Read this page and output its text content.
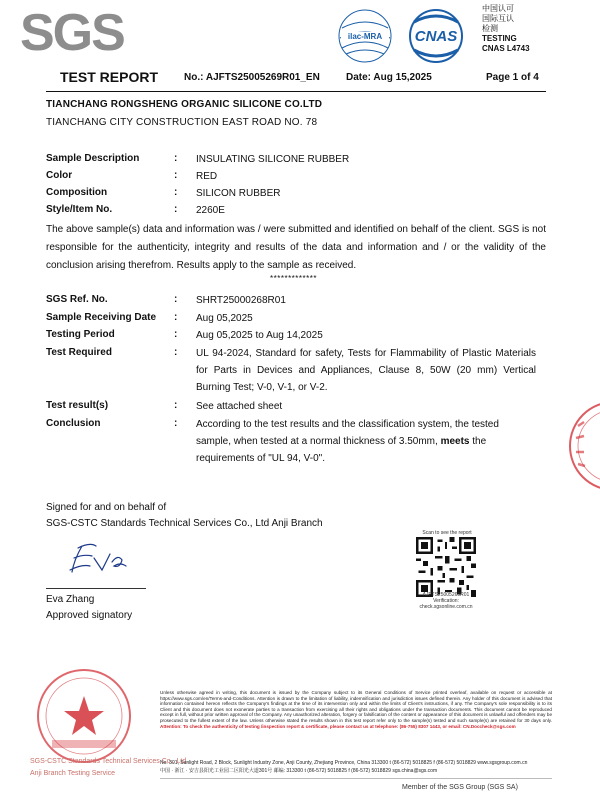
SGS	ilac-MRA CNAS
中国认可
国际互认
检测
TESTING
CNAS L4743
TEST REPORT	No.: AJFTS25005269R01_EN	Date: Aug 15,2025	Page 1 of 4
TIANCHANG RONGSHENG ORGANIC SILICONE CO.LTD
TIANCHANG CITY CONSTRUCTION EAST ROAD NO. 78
Sample Description	: INSULATING SILICONE RUBBER
Color	: RED
Composition	: SILICON RUBBER
Style/Item No.	: 2260E
The above sample(s) data and information was / were submitted and identified on behalf of the client. SGS is not responsible for the authenticity, integrity and results of the data and information and / or the validity of the conclusion arising therefrom. Results apply to the sample as received.
*************
SGS Ref. No.	: SHRT25000268R01
Sample Receiving Date : Aug 05,2025
Testing Period	: Aug 05,2025 to Aug 14,2025
Test Required	: UL 94-2024, Standard for safety, Tests for Flammability of Plastic Materials for Parts in Devices and Appliances, Clause 8, 50W (20 mm) Vertical Burning Test; V-0, V-1, or V-2.
Test result(s)	: See attached sheet
Conclusion	: According to the test results and the classification system, the tested sample, when tested at a normal thickness of 3.50mm, meets the requirements of "UL 94, V-0".
Signed for and on behalf of
SGS-CSTC Standards Technical Services Co., Ltd Anji Branch
Eva Zhang
Approved signatory
Scan to see the report
AJFTS25005269R01
Verification:
check.sgsonline.com.cn
SGS-CSTC Standards Technical Services Co., Ltd.
Anji Branch Testing Service
Unless otherwise agreed in writing, this document is issued by the Company subject to its General Conditions of Service printed overleaf, available on request or accessible at https://www.sgs.com/en/Terms-and-Conditions. Attention is drawn to the limitation of liability, indemnification and jurisdiction issues defined therein. Any holder of this document is advised that information contained hereon reflects the Company's findings at the time of its intervention only and within the limits of Client's instructions, if any. The Company's sole responsibility is to its Client and this document does not exonerate parties to a transaction from exercising all their rights and obligations under the transaction documents. This document cannot be reproduced except in full, without prior written approval of the Company. Any unauthorized alteration, forgery or falsification of the content or appearance of this document is unlawful and offenders may be prosecuted to the fullest extent of the law. Unless otherwise stated the results shown in this test report refer only to the sample(s) tested and such sample(s) are retained for 30 days only. Attention: To check the authenticity of testing /inspection report & certificate, please contact us at telephone: (86-755) 8307 1443, or email: CN.Doccheck@sgs.com
No. 301, Sunlight Road, 2 Block, Sunlight Industry Zone, Anji County, Zhejiang Province, China 313300 t (86-572) 5018825 f (86-572) 5018829 www.sgsgroup.com.cn
中国 · 浙江 · 安吉县阳光工业园二区阳光大道301号 邮编: 313300 t (86-572) 5018825 f (86-572) 5018829 sgs.china@sgs.com
Member of the SGS Group (SGS SA)
